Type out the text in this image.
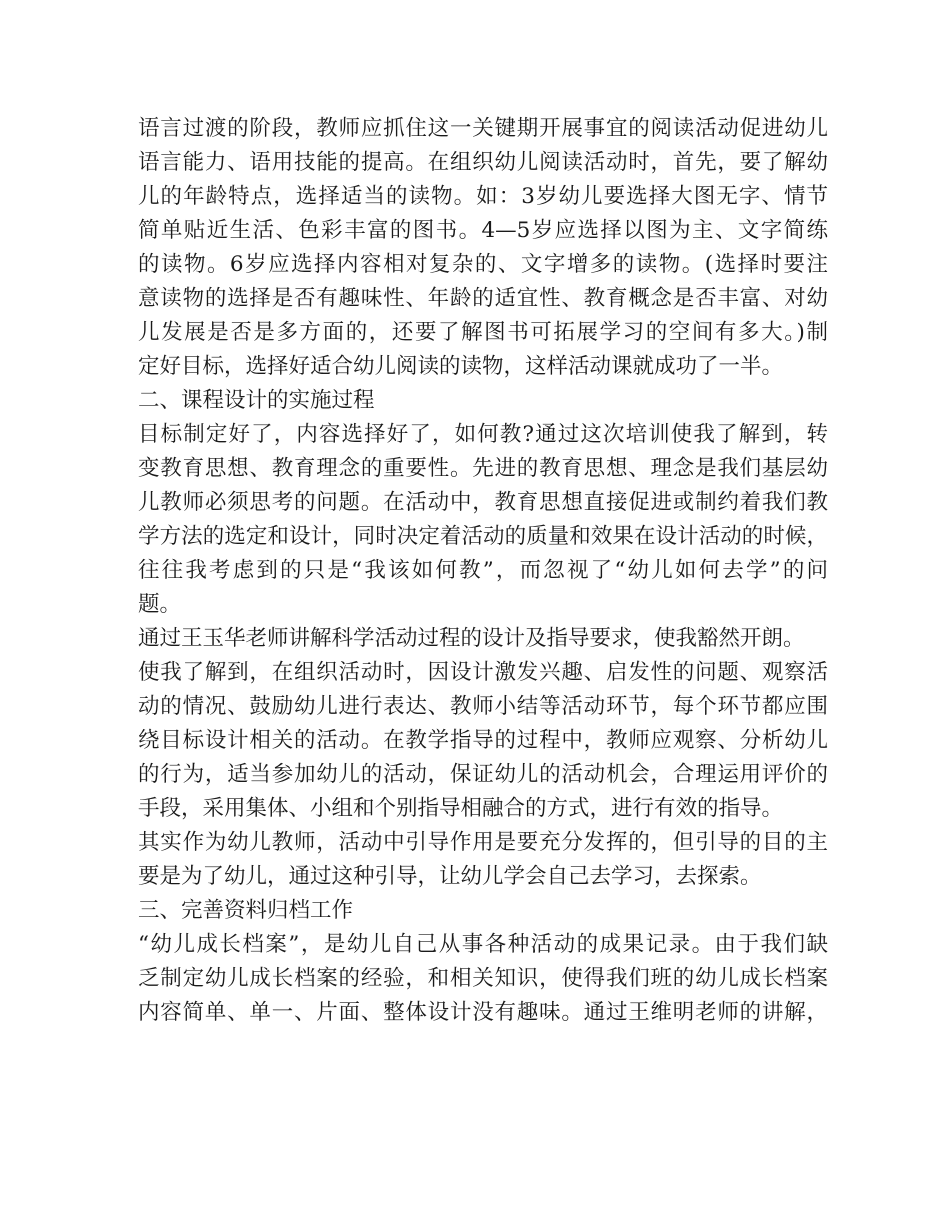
语言过渡的阶段，教师应抓住这一关键期开展事宜的阅读活动促进幼儿
语言能力、语用技能的提高。在组织幼儿阅读活动时，首先，要了解幼
儿的年龄特点，选择适当的读物。如：3岁幼儿要选择大图无字、情节
简单贴近生活、色彩丰富的图书。4—5岁应选择以图为主、文字简练
的读物。6岁应选择内容相对复杂的、文字增多的读物。(选择时要注
意读物的选择是否有趣味性、年龄的适宜性、教育概念是否丰富、对幼
儿发展是否是多方面的，还要了解图书可拓展学习的空间有多大。)制
定好目标，选择好适合幼儿阅读的读物，这样活动课就成功了一半。
二、课程设计的实施过程
目标制定好了，内容选择好了，如何教?通过这次培训使我了解到，转
变教育思想、教育理念的重要性。先进的教育思想、理念是我们基层幼
儿教师必须思考的问题。在活动中，教育思想直接促进或制约着我们教
学方法的选定和设计，同时决定着活动的质量和效果在设计活动的时候，
往往我考虑到的只是“我该如何教”，而忽视了“幼儿如何去学”的问
题。
通过王玉华老师讲解科学活动过程的设计及指导要求，使我豁然开朗。
使我了解到，在组织活动时，因设计激发兴趣、启发性的问题、观察活
动的情况、鼓励幼儿进行表达、教师小结等活动环节，每个环节都应围
绕目标设计相关的活动。在教学指导的过程中，教师应观察、分析幼儿
的行为，适当参加幼儿的活动，保证幼儿的活动机会，合理运用评价的
手段，采用集体、小组和个别指导相融合的方式，进行有效的指导。
其实作为幼儿教师，活动中引导作用是要充分发挥的，但引导的目的主
要是为了幼儿，通过这种引导，让幼儿学会自己去学习，去探索。
三、完善资料归档工作
“幼儿成长档案”，是幼儿自己从事各种活动的成果记录。由于我们缺
乏制定幼儿成长档案的经验，和相关知识，使得我们班的幼儿成长档案
内容简单、单一、片面、整体设计没有趣味。通过王维明老师的讲解，
